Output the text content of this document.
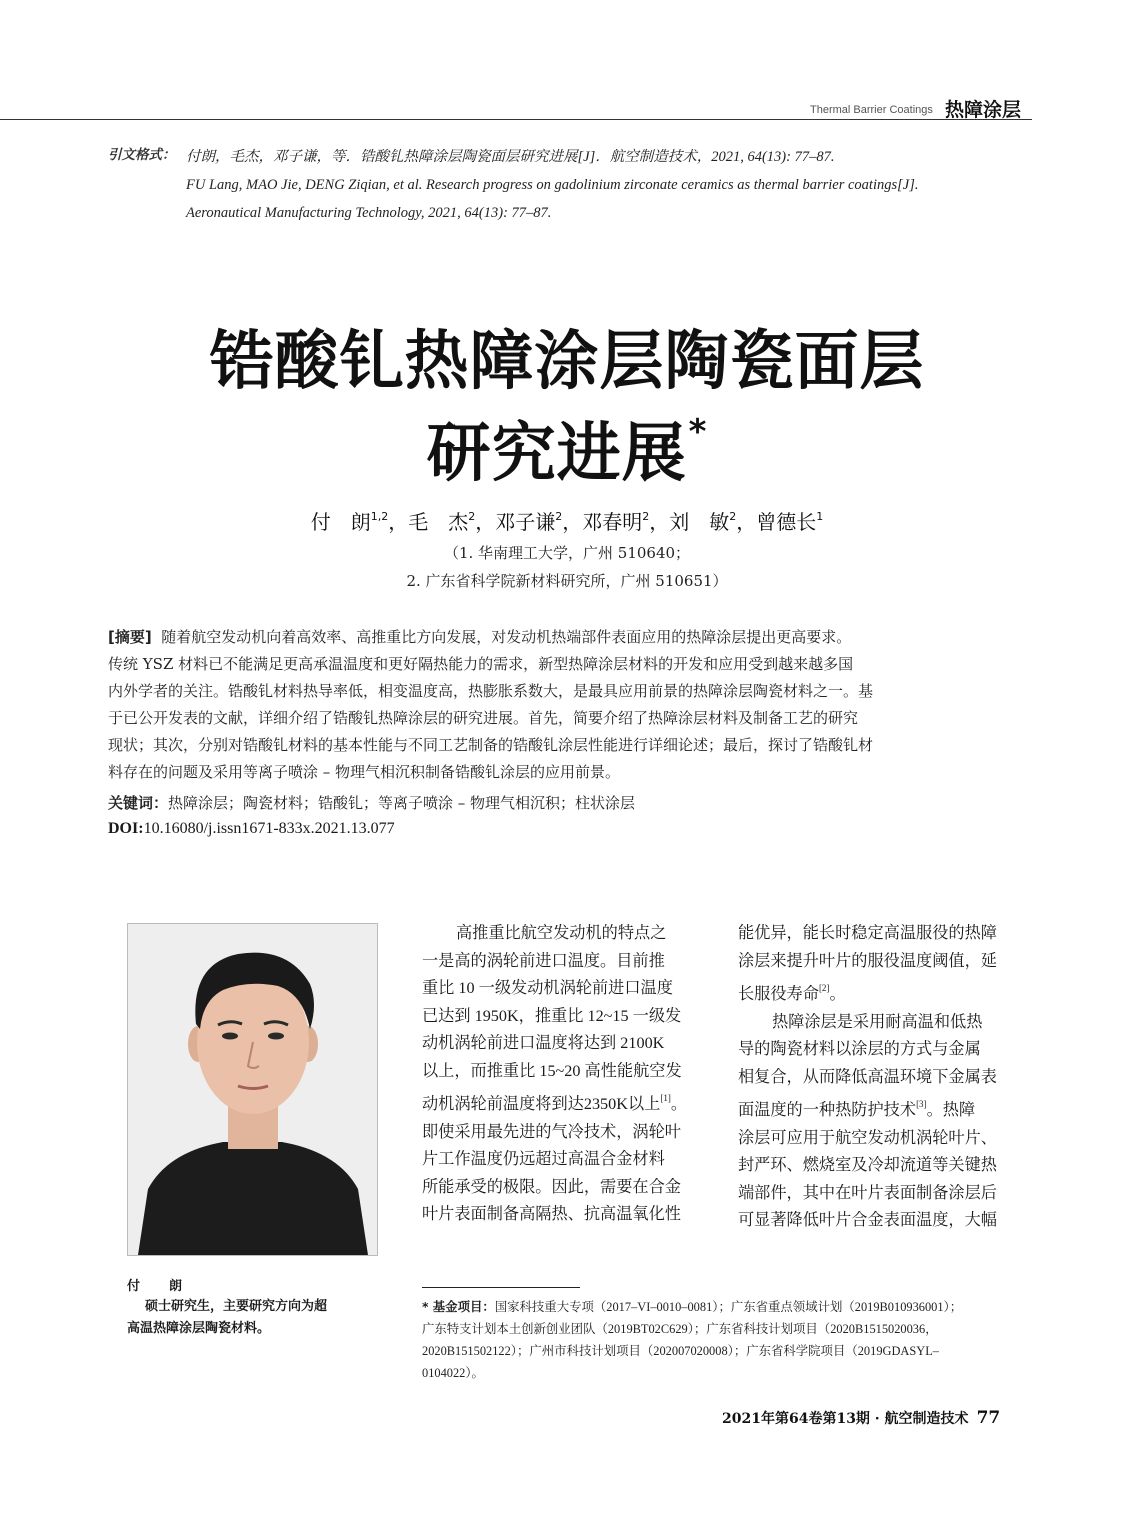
Thermal Barrier Coatings 热障涂层
引文格式： 付朗，毛杰，邓子谦，等．锆酸钆热障涂层陶瓷面层研究进展[J]．航空制造技术，2021, 64(13): 77–87.
FU Lang, MAO Jie, DENG Ziqian, et al. Research progress on gadolinium zirconate ceramics as thermal barrier coatings[J].
Aeronautical Manufacturing Technology, 2021, 64(13): 77–87.
锆酸钆热障涂层陶瓷面层
研究进展*
付　朗$^{1,2}$，毛　杰$^2$，邓子谦$^2$，邓春明$^2$，刘　敏$^2$，曾德长$^1$
（1. 华南理工大学，广州 510640；
2. 广东省科学院新材料研究所，广州 510651）
[摘要] 随着航空发动机向着高效率、高推重比方向发展，对发动机热端部件表面应用的热障涂层提出更高要求。
传统 YSZ 材料已不能满足更高承温温度和更好隔热能力的需求，新型热障涂层材料的开发和应用受到越来越多国
内外学者的关注。锆酸钆材料热导率低，相变温度高，热膨胀系数大，是最具应用前景的热障涂层陶瓷材料之一。基
于已公开发表的文献，详细介绍了锆酸钆热障涂层的研究进展。首先，简要介绍了热障涂层材料及制备工艺的研究
现状；其次，分别对锆酸钆材料的基本性能与不同工艺制备的锆酸钆涂层性能进行详细论述；最后，探讨了锆酸钆材
料存在的问题及采用等离子喷涂 – 物理气相沉积制备锆酸钆涂层的应用前景。
关键词：热障涂层；陶瓷材料；锆酸钆；等离子喷涂 – 物理气相沉积；柱状涂层
DOI:10.16080/j.issn1671-833x.2021.13.077
付　朗
硕士研究生，主要研究方向为超
高温热障涂层陶瓷材料。

高推重比航空发动机的特点之

一是高的涡轮前进口温度。目前推

重比 10 一级发动机涡轮前进口温度

已达到 1950K，推重比 12~15 一级发

动机涡轮前进口温度将达到 2100K

以上，而推重比 15~20 高性能航空发

动机涡轮前温度将到达2350K以上[1]。

即使采用最先进的气冷技术，涡轮叶

片工作温度仍远超过高温合金材料

所能承受的极限。因此，需要在合金

叶片表面制备高隔热、抗高温氧化性

能优异，能长时稳定高温服役的热障

涂层来提升叶片的服役温度阈值，延

长服役寿命[2]。

热障涂层是采用耐高温和低热

导的陶瓷材料以涂层的方式与金属

相复合，从而降低高温环境下金属表

面温度的一种热防护技术[3]。热障

涂层可应用于航空发动机涡轮叶片、

封严环、燃烧室及冷却流道等关键热

端部件，其中在叶片表面制备涂层后

可显著降低叶片合金表面温度，大幅

* 基金项目：国家科技重大专项（2017–VI–0010–0081）；广东省重点领域计划（2019B010936001）；
广东特支计划本土创新创业团队（2019BT02C629）；广东省科技计划项目（2020B1515020036，
2020B151502122）；广州市科技计划项目（202007020008）；广东省科学院项目（2019GDASYL–
0104022）。
2021年第64卷第13期 · 航空制造技术 77
